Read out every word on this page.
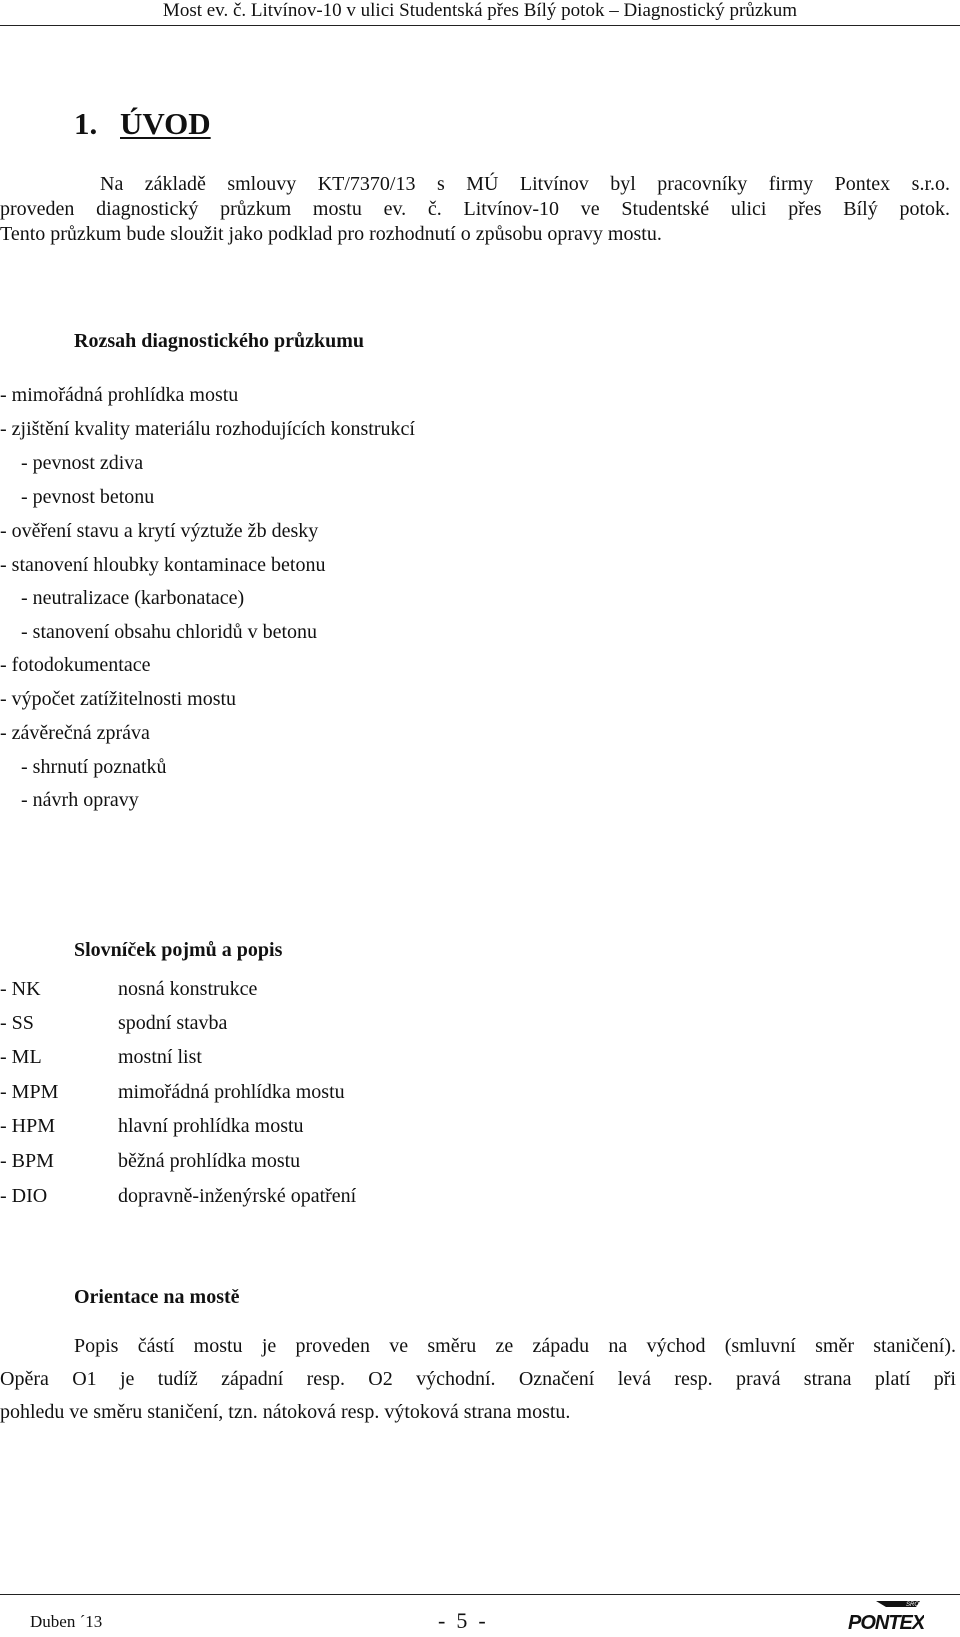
Most ev. č. Litvínov-10 v ulici Studentská přes Bílý potok – Diagnostický průzkum
1. ÚVOD
Na základě smlouvy KT/7370/13 s MÚ Litvínov byl pracovníky firmy Pontex s.r.o.
proveden diagnostický průzkum mostu ev. č. Litvínov-10 ve Studentské ulici přes Bílý potok.
Tento průzkum bude sloužit jako podklad pro rozhodnutí o způsobu opravy mostu.
Rozsah diagnostického průzkumu
- mimořádná prohlídka mostu
- zjištění kvality materiálu rozhodujících konstrukcí
- pevnost zdiva
- pevnost betonu
- ověření stavu a krytí výztuže žb desky
- stanovení hloubky kontaminace betonu
- neutralizace (karbonatace)
- stanovení obsahu chloridů v betonu
- fotodokumentace
- výpočet zatížitelnosti mostu
- závěrečná zpráva
- shrnutí poznatků
- návrh opravy
Slovníček pojmů a popis
- NK	nosná konstrukce
- SS	spodní stavba
- ML	mostní list
- MPM	mimořádná prohlídka mostu
- HPM	hlavní prohlídka mostu
- BPM	běžná prohlídka mostu
- DIO	dopravně-inženýrské opatření
Orientace na mostě
Popis částí mostu je proveden ve směru ze západu na východ (smluvní směr staničení).
Opěra O1 je tudíž západní resp. O2 východní. Označení levá resp. pravá strana platí při
pohledu ve směru staničení, tzn. nátoková resp. výtoková strana mostu.
Duben ´13	-  5  -
SRO
PONTEX
